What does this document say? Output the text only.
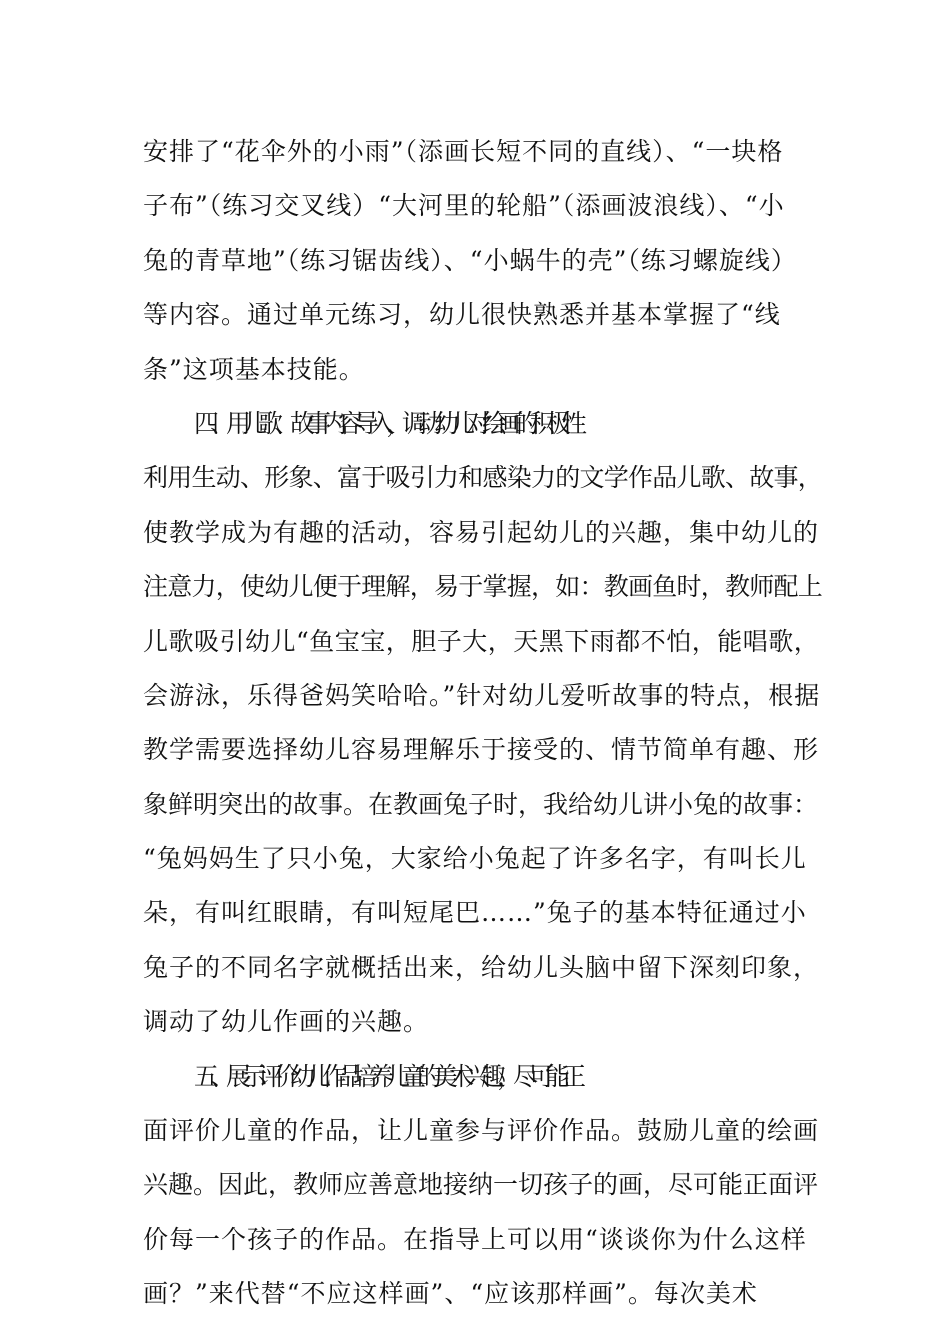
安排了“花伞外的小雨”（添画长短不同的直线）、“一块格
子布”（练习交叉线）“大河里的轮船”（添画波浪线）、“小
兔的青草地”（练习锯齿线）、“小蜗牛的壳”（练习螺旋线）
等内容。通过单元练习，幼儿很快熟悉并基本掌握了“线
条”这项基本技能。
四、用儿歌、故事内容导入，调动幼儿对绘画的积极性
利用生动、形象、富于吸引力和感染力的文学作品儿歌、故事，
使教学成为有趣的活动，容易引起幼儿的兴趣，集中幼儿的
注意力，使幼儿便于理解，易于掌握，如：教画鱼时，教师配上
儿歌吸引幼儿“鱼宝宝，胆子大，天黑下雨都不怕，能唱歌，
会游泳，乐得爸妈笑哈哈。”针对幼儿爱听故事的特点，根据
教学需要选择幼儿容易理解乐于接受的、情节简单有趣、形
象鲜明突出的故事。在教画兔子时，我给幼儿讲小兔的故事：
“兔妈妈生了只小兔，大家给小兔起了许多名字，有叫长儿
朵，有叫红眼睛，有叫短尾巴……”兔子的基本特征通过小
兔子的不同名字就概括出来，给幼儿头脑中留下深刻印象，
调动了幼儿作画的兴趣。
五、展示评价幼儿作品 培养儿童的美术兴趣，尽可能正
面评价儿童的作品，让儿童参与评价作品。鼓励儿童的绘画
兴趣。因此，教师应善意地接纳一切孩子的画，尽可能正面评
价每一个孩子的作品。在指导上可以用“谈谈你为什么这样
画？”来代替“不应这样画”、“应该那样画”。每次美术
